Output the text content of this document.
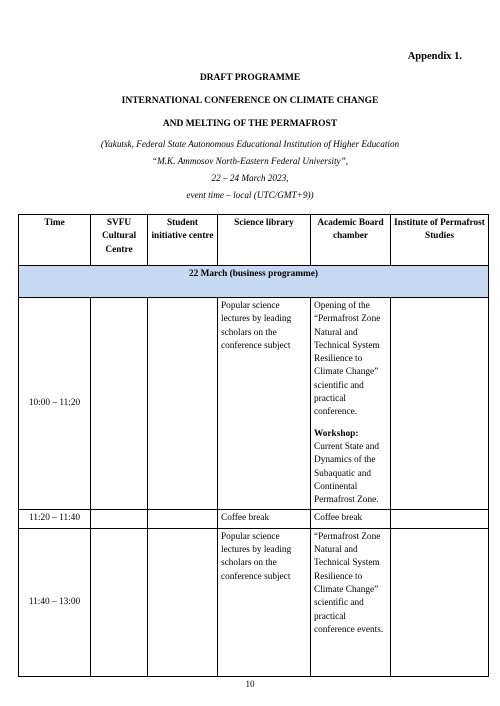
Appendix 1.
DRAFT PROGRAMME
INTERNATIONAL CONFERENCE ON CLIMATE CHANGE
AND MELTING OF THE PERMAFROST
(Yakutsk, Federal State Autonomous Educational Institution of Higher Education
“M.K. Ammosov North-Eastern Federal University”,
22 – 24 March 2023,
event time – local (UTC/GMT+9))
Time	SVFU Cultural Centre	Student initiative centre	Science library	Academic Board chamber	Institute of Permafrost Studies
22 March (business programme)					
10:00 – 11:20			Popular science lectures by leading scholars on the conference subject	Opening of the “Permafrost Zone Natural and Technical System Resilience to Climate Change” scientific and practical conference.

Workshop: Current State and Dynamics of the Subaquatic and Continental Permafrost Zone.	

11:20 – 11:40			Coffee break	Coffee break	
11:40 – 13:00			Popular science lectures by leading scholars on the conference subject	“Permafrost Zone Natural and Technical System Resilience to Climate Change” scientific and practical conference events.	
10
